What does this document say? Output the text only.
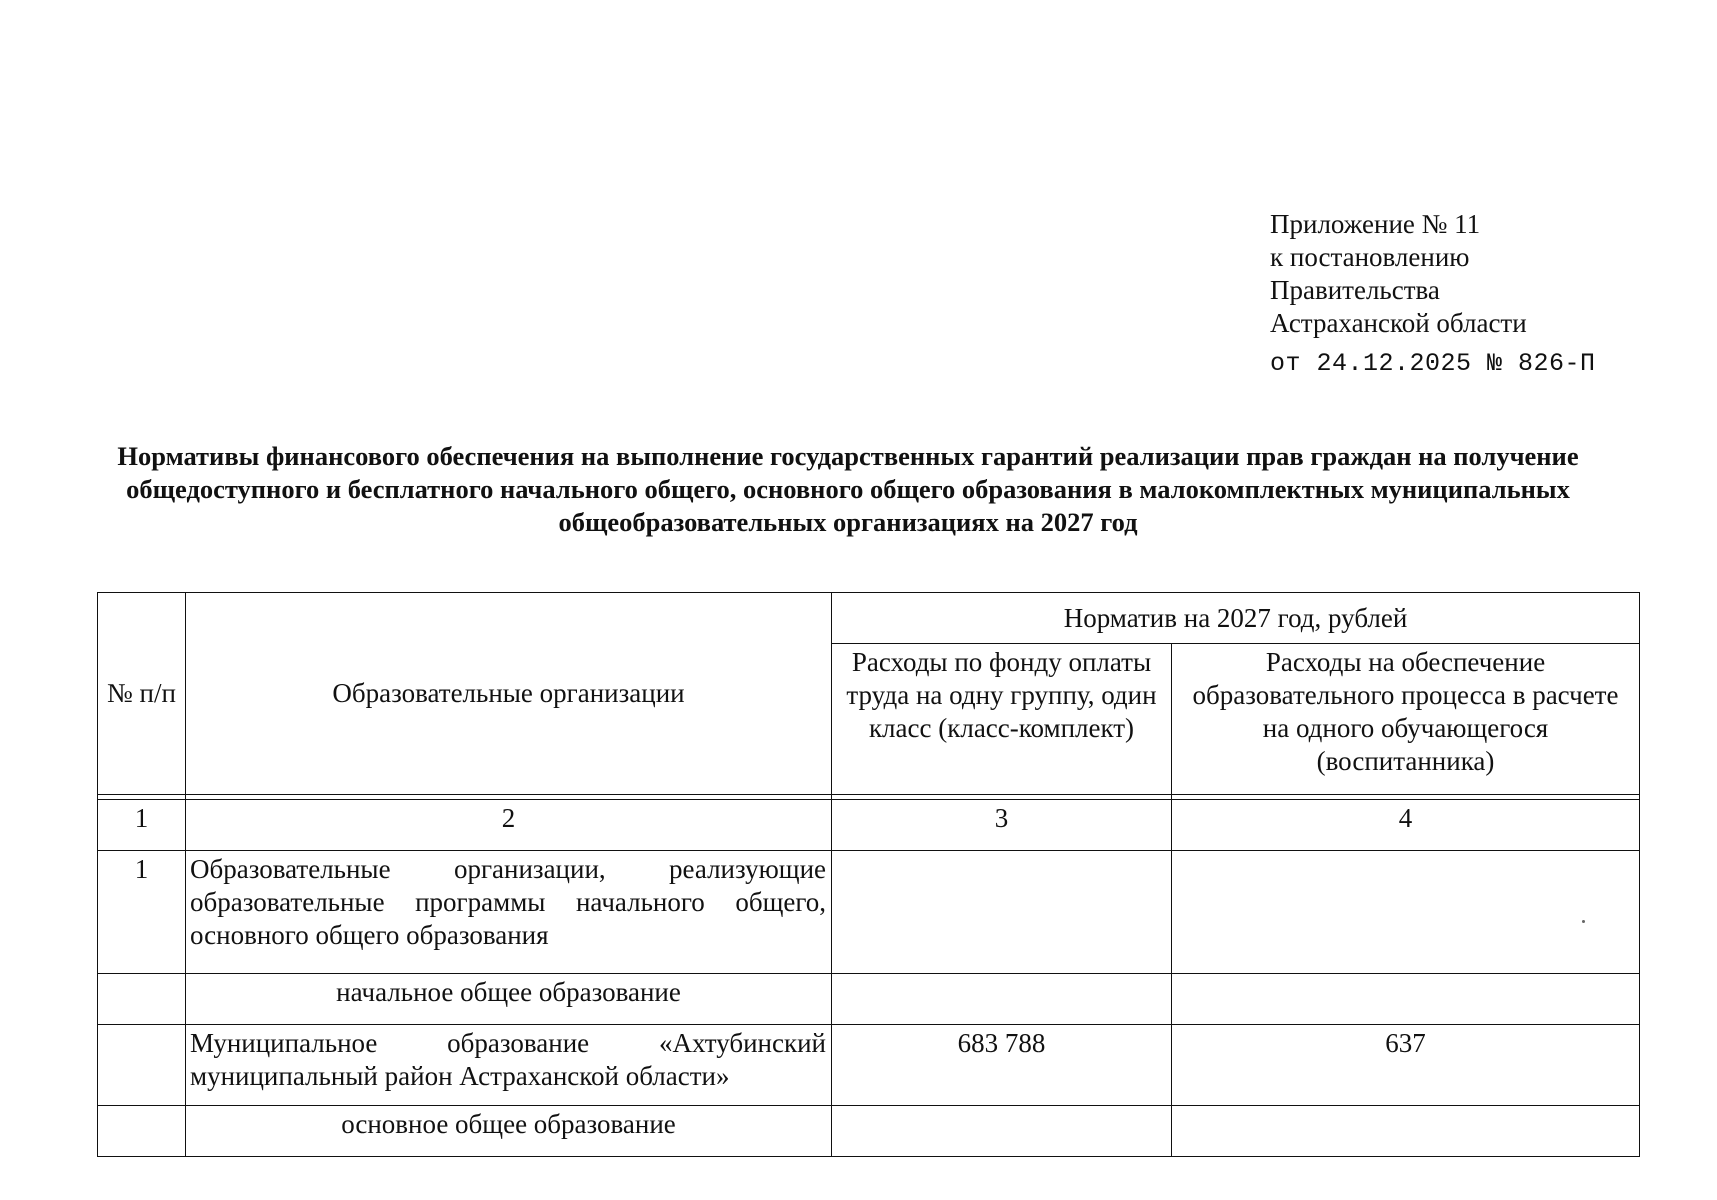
Приложение № 11
к постановлению
Правительства
Астраханской области
от 24.12.2025 № 826-П
Нормативы финансового обеспечения на выполнение государственных гарантий реализации прав граждан на получение общедоступного и бесплатного начального общего, основного общего образования в малокомплектных муниципальных общеобразовательных организациях на 2027 год
№ п/п	Образовательные организации	Норматив на 2027 год, рублей	
		Расходы по фонду оплаты труда на одну группу, один класс (класс-комплект)	Расходы на обеспечение образовательного процесса в расчете на одного обучающегося (воспитанника)

1	2	3	4
1	Образовательные организации, реализующие образовательные программы начального общего, основного общего образования		
	начальное общее образование		
	Муниципальное образование «Ахтубинский муниципальный район Астраханской области»	683 788	637
	основное общее образование		
